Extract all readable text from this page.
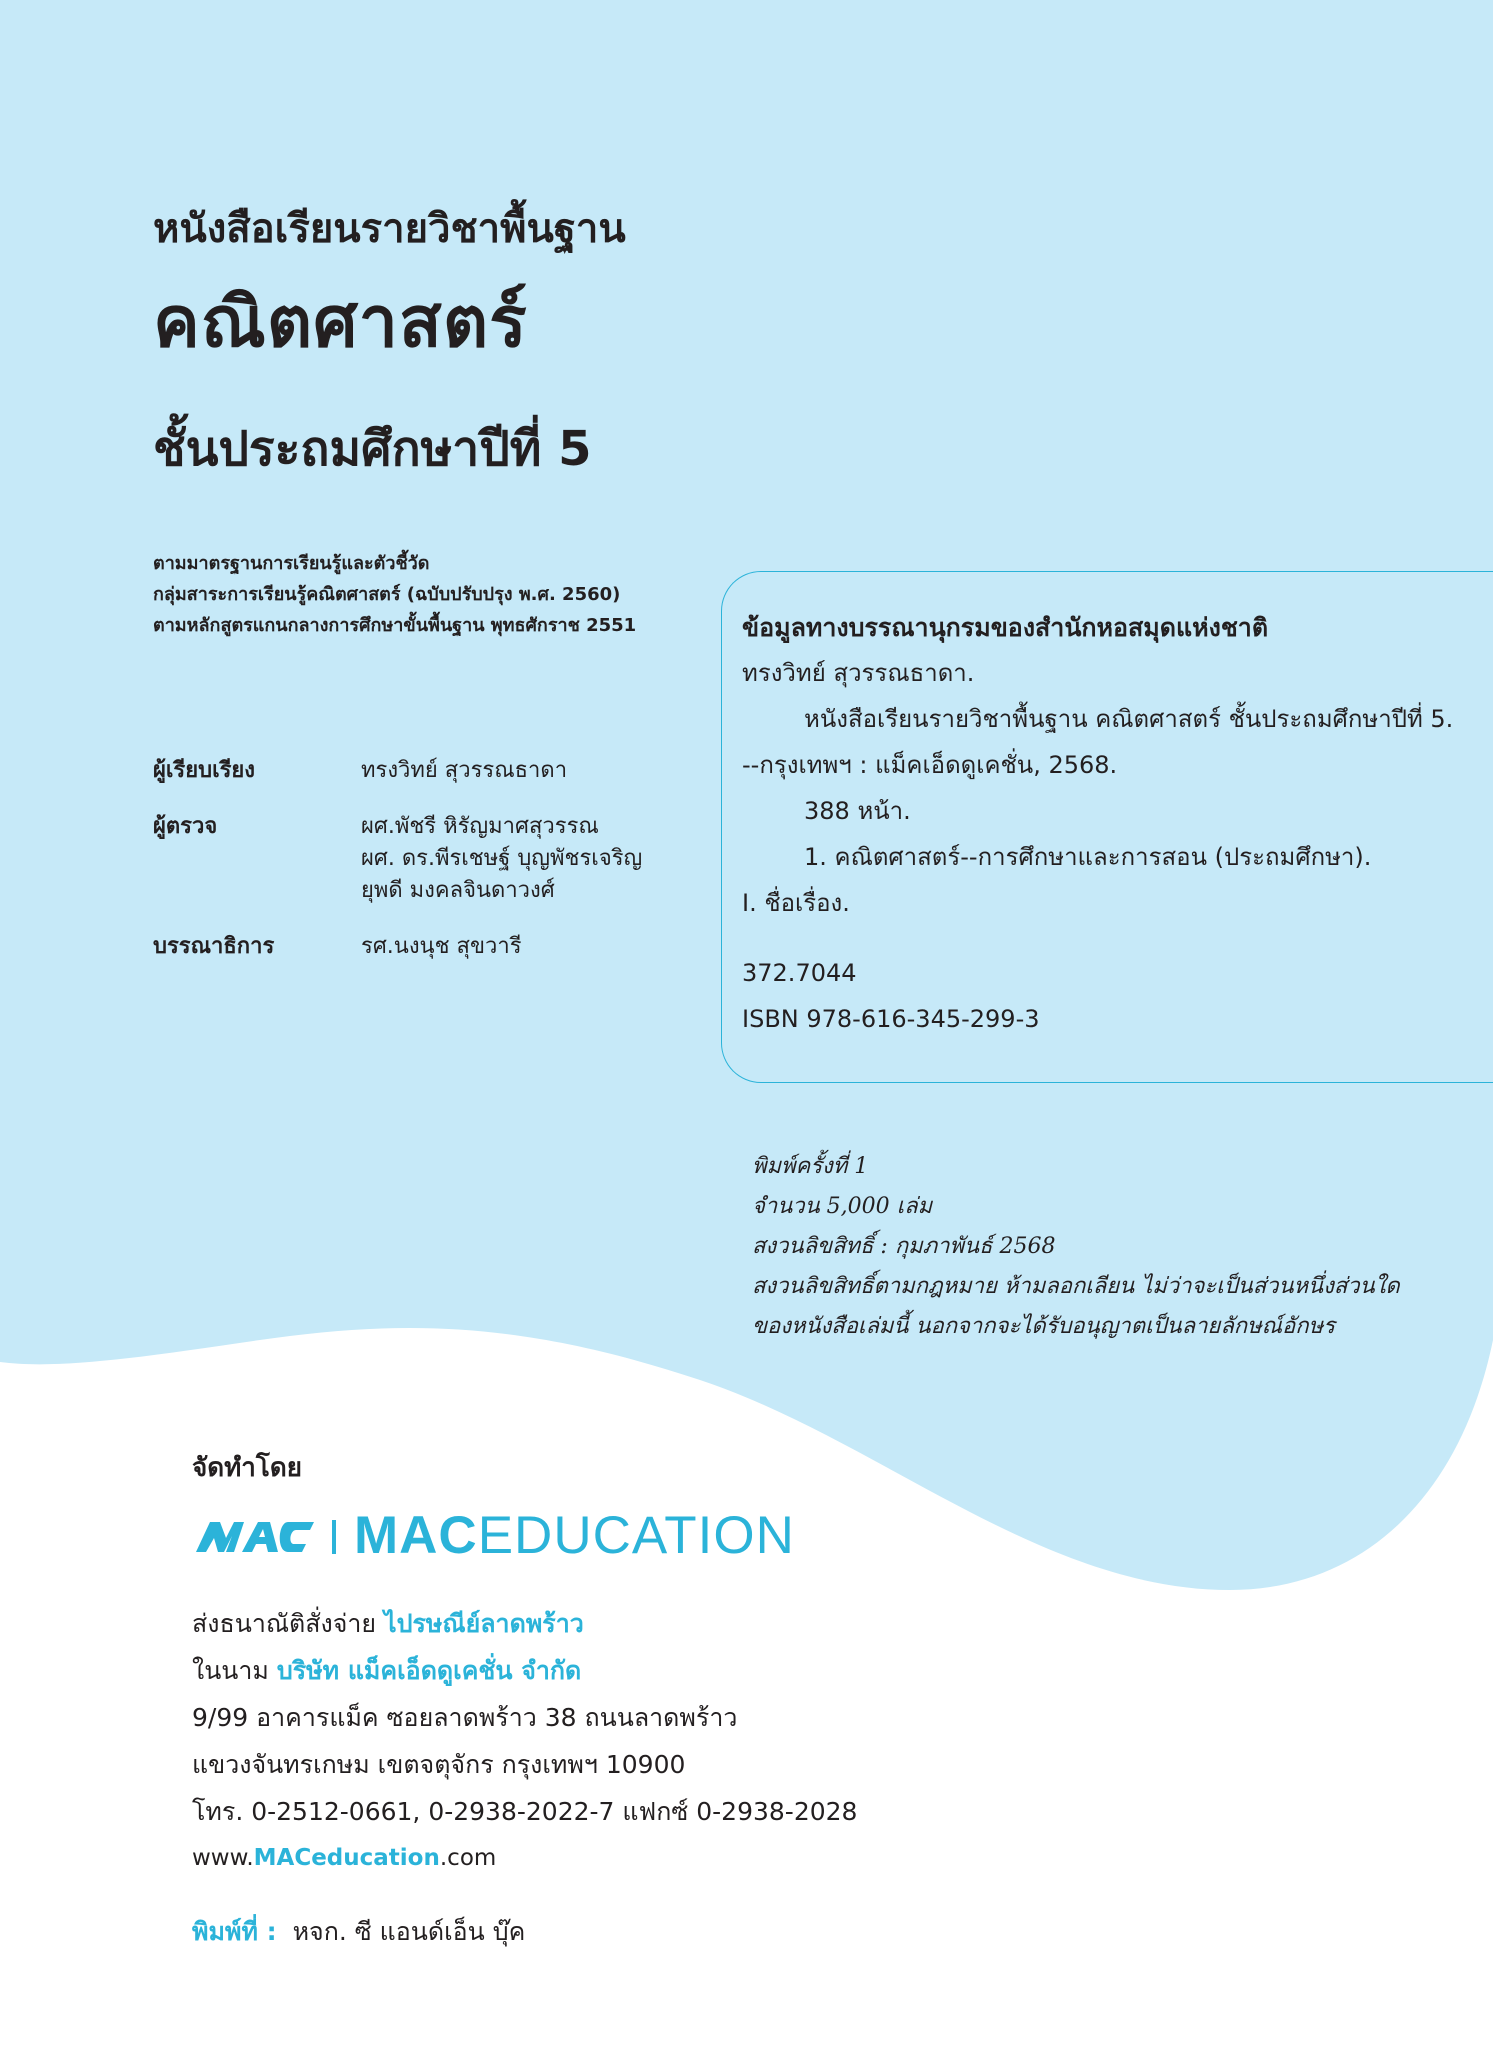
หนังสือเรียนรายวิชาพื้นฐาน

คณิตศาสตร์

ชั้นประถมศึกษาปีที่ 5

ตามมาตรฐานการเรียนรู้และตัวชี้วัด
กลุ่มสาระการเรียนรู้คณิตศาสตร์ (ฉบับปรับปรุง พ.ศ. 2560)
ตามหลักสูตรแกนกลางการศึกษาขั้นพื้นฐาน พุทธศักราช 2551
ผู้เรียบเรียง	ทรงวิทย์ สุวรรณธาดา
ผู้ตรวจ	ผศ.พัชรี หิรัญมาศสุวรรณ
ผศ. ดร.พีรเชษฐ์ บุญพัชรเจริญ
ยุพดี มงคลจินดาวงศ์
บรรณาธิการ	รศ.นงนุช สุขวารี

ข้อมูลทางบรรณานุกรมของสำนักหอสมุดแห่งชาติ

ทรงวิทย์ สุวรรณธาดา.

หนังสือเรียนรายวิชาพื้นฐาน คณิตศาสตร์ ชั้นประถมศึกษาปีที่ 5.

--กรุงเทพฯ : แม็คเอ็ดดูเคชั่น, 2568.

388 หน้า.

1. คณิตศาสตร์--การศึกษาและการสอน (ประถมศึกษา).

I. ชื่อเรื่อง.

372.7044

ISBN 978-616-345-299-3

พิมพ์ครั้งที่ 1
จำนวน 5,000 เล่ม
สงวนลิขสิทธิ์ : กุมภาพันธ์ 2568
สงวนลิขสิทธิ์ตามกฎหมาย ห้ามลอกเลียน ไม่ว่าจะเป็นส่วนหนึ่งส่วนใด
ของหนังสือเล่มนี้ นอกจากจะได้รับอนุญาตเป็นลายลักษณ์อักษร
จัดทำโดย
MACEDUCATION

ส่งธนาณัติสั่งจ่าย ไปรษณีย์ลาดพร้าว

ในนาม บริษัท แม็คเอ็ดดูเคชั่น จำกัด

9/99 อาคารแม็ค ซอยลาดพร้าว 38 ถนนลาดพร้าว

แขวงจันทรเกษม เขตจตุจักร กรุงเทพฯ 10900

โทร. 0-2512-0661, 0-2938-2022-7 แฟกซ์ 0-2938-2028

www.MACeducation.com

พิมพ์ที่ : หจก. ซี แอนด์เอ็น บุ๊ค
